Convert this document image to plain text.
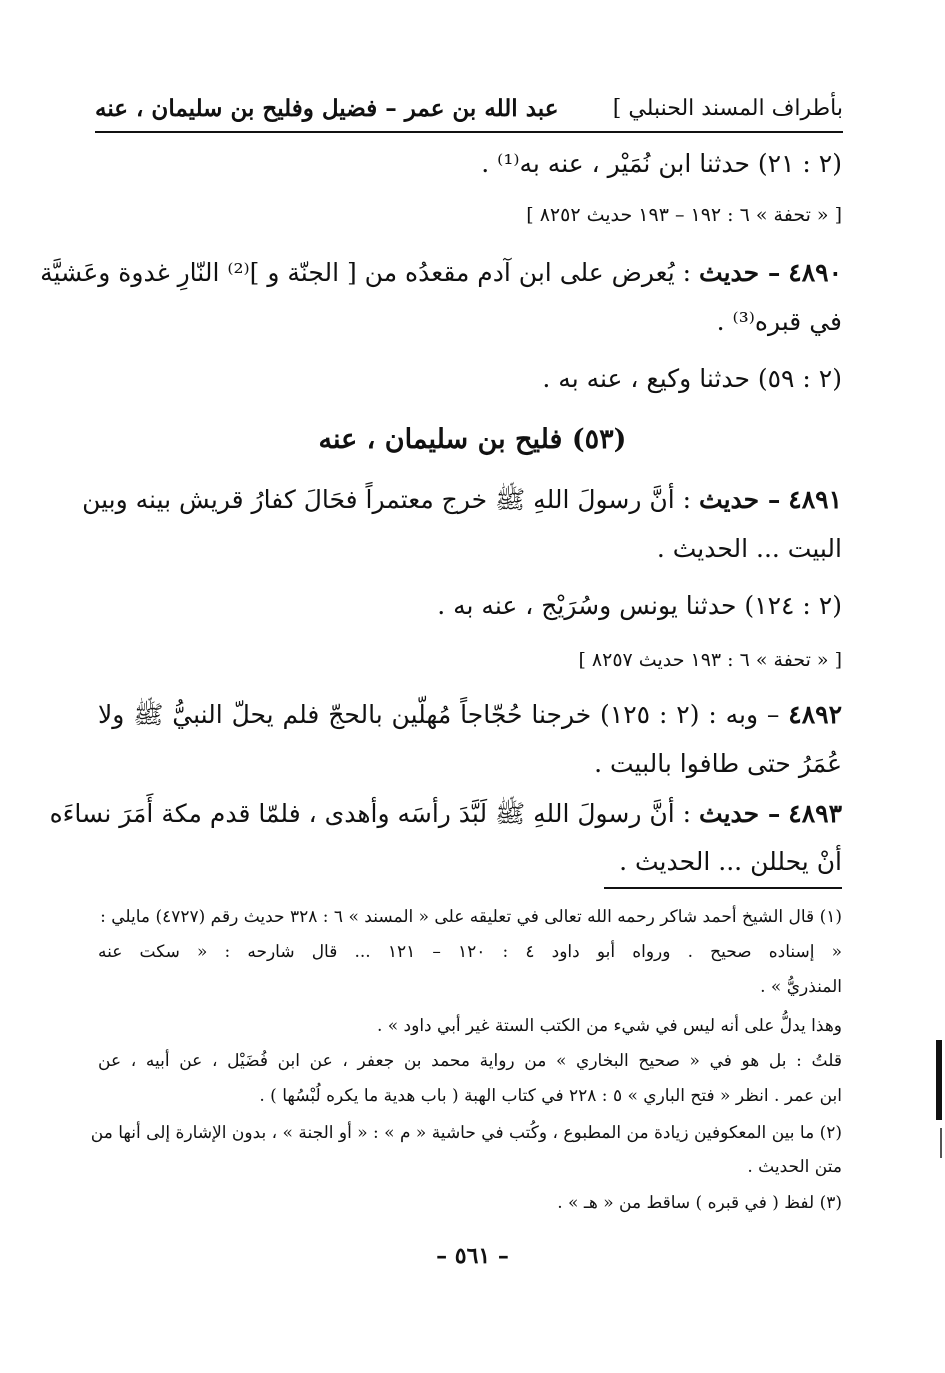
بأطراف المسند الحنبلي ]
عبد الله بن عمر – فضيل وفليح بن سليمان ، عنه
(٢ : ٢١) حدثنا ابن نُمَيْر ، عنه به⁽¹⁾ .
[ « تحفة » ٦ : ١٩٢ – ١٩٣ حديث ٨٢٥٢ ]
٤٨٩٠ – حديث : يُعرض على ابن آدم مقعدُه من [ الجنّة و ]⁽²⁾ النّارِ غدوة وعَشيَّة
في قبره⁽³⁾ .
(٢ : ٥٩) حدثنا وكيع ، عنه به .
(٥٣) فليح بن سليمان ، عنه
٤٨٩١ – حديث : أنَّ رسولَ اللهِ ﷺ خرج معتمراً فحَالَ كفارُ قريش بينه وبين
البيت ... الحديث .
(٢ : ١٢٤) حدثنا يونس وسُرَيْج ، عنه به .
[ « تحفة » ٦ : ١٩٣ حديث ٨٢٥٧ ]
٤٨٩٢ – وبه : (٢ : ١٢٥) خرجنا حُجّاجاً مُهلّين بالحجّ فلم يحلّ النبيُّ ﷺ ولا
عُمَرُ حتى طافوا بالبيت .
٤٨٩٣ – حديث : أنَّ رسولَ اللهِ ﷺ لَبَّدَ رأسَه وأهدى ، فلمّا قدم مكة أَمَرَ نساءَه
أنْ يحللن ... الحديث .
(١) قال الشيخ أحمد شاكر رحمه الله تعالى في تعليقه على « المسند » ٦ : ٣٢٨ حديث رقم (٤٧٢٧) مايلي :
« إسناده صحيح . ورواه أبو داود ٤ : ١٢٠ – ١٢١ ... قال شارحه : « سكت عنه
المنذريُّ » .
وهذا يدلُّ على أنه ليس في شيء من الكتب الستة غير أبي داود » .
قلتُ : بل هو في « صحيح البخاري » من رواية محمد بن جعفر ، عن ابن فُضَيْل ، عن أبيه ، عن
ابن عمر . انظر « فتح الباري » ٥ : ٢٢٨ في كتاب الهبة ( باب هدية ما يكره لُبْسُها ) .
(٢) ما بين المعكوفين زيادة من المطبوع ، وكُتب في حاشية « م » : « أو الجنة » ، بدون الإشارة إلى أنها من
متن الحديث .
(٣) لفظ ( في قبره ) ساقط من « هـ » .
– ٥٦١ –
